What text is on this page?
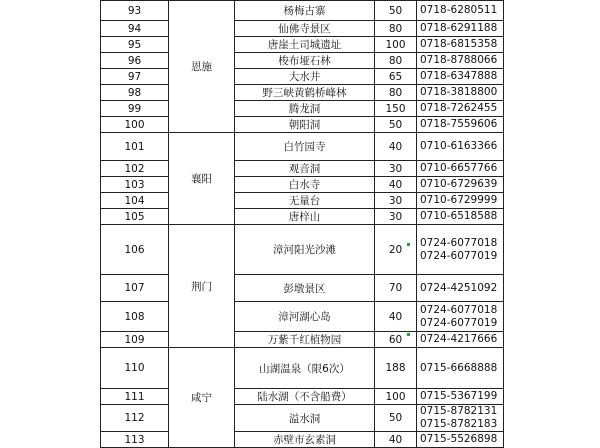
93	恩施	杨梅古寨	50	0718-6280511

94		仙佛寺景区	80	0718-6291188

95		唐崖土司城遗址	100	0718-6815358

96		梭布垭石林	80	0718-8788066

97		大水井	65	0718-6347888

98		野三峡黄鹤桥峰林	80	0718-3818800

99		腾龙洞	150	0718-7262455

100		朝阳洞	50	0718-7559606

101	襄阳	白竹园寺	40	0710-6163366

102		观音洞	30	0710-6657766

103		白水寺	40	0710-6729639

104		无量台	30	0710-6729999

105		唐梓山	30	0710-6518588

106	荆门	漳河阳光沙滩	20	0724-6077018
0724-6077019

107		彭墩景区	70	0724-4251092

108		漳河湖心岛	40	0724-6077018
0724-6077019

109		万紫千红植物园	60	0724-4217666

110	咸宁	山湖温泉（限6次）	188	0715-6668888

111		陆水湖（不含船费）	100	0715-5367199

112		溢水洞	50	0715-8782131
0715-8782183

113		赤壁市玄素洞	40	0715-5526898
